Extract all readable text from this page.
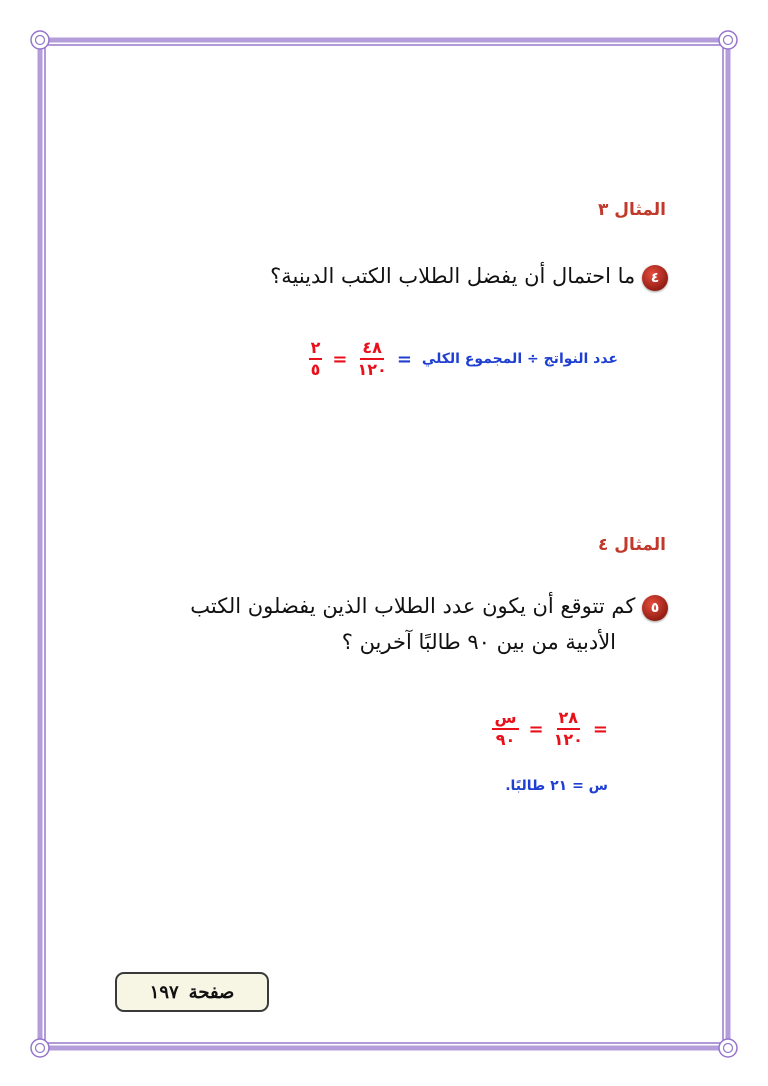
المثال ٣
٤ ما احتمال أن يفضل الطلاب الكتب الدينية؟
عدد النواتج ÷ المجموع الكلي
=
$\frac{٤٨}{١٢٠}$
=
$\frac{٢}{٥}$
المثال ٤
٥ كم تتوقع أن يكون عدد الطلاب الذين يفضلون الكتب
الأدبية من بين ٩٠ طالبًا آخرين ؟
=
$\frac{٢٨}{١٢٠}$
=
$\frac{\text{س}}{٩٠}$
س = ٢١ طالبًا.
صفحة
١٩٧
